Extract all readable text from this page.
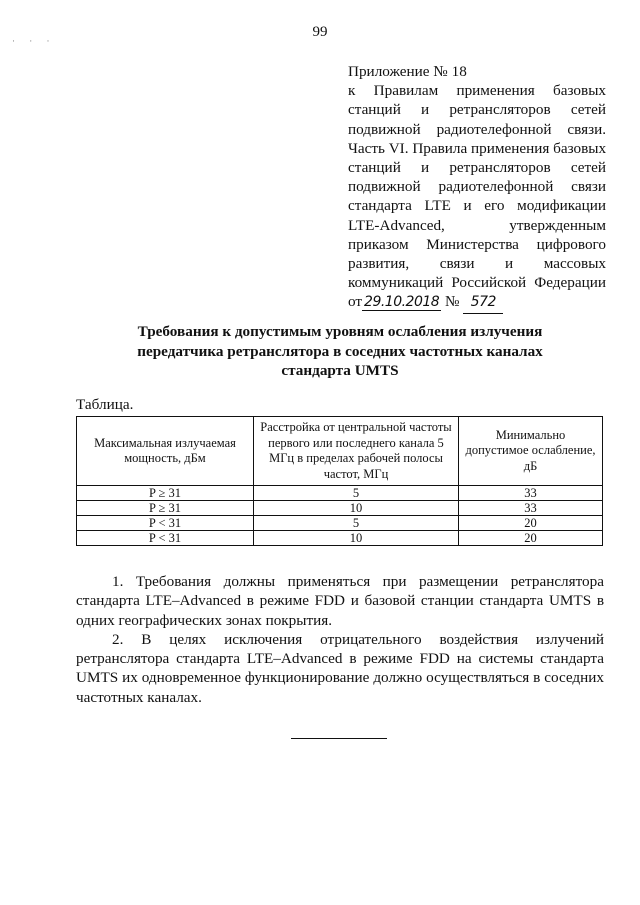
· · ·
99
Приложение № 18
к Правилам применения базовых
станций и ретрансляторов сетей
подвижной радиотелефонной связи.
Часть VI. Правила применения базовых
станций и ретрансляторов сетей
подвижной радиотелефонной связи
стандарта LTE и его модификации
LTE-Advanced, утвержденным
приказом Министерства цифрового
развития, связи и массовых
коммуникаций Российской Федерации
от 29.10.2018 № 572
Требования к допустимым уровням ослабления излучения
передатчика ретранслятора в соседних частотных каналах
стандарта UMTS
Таблица.
Максимальная излучаемая мощность, дБм	Расстройка от центральной частоты первого или последнего канала 5 МГц в пределах рабочей полосы частот, МГц	Минимально допустимое ослабление, дБ
P ≥ 31	5	33
P ≥ 31	10	33
P < 31	5	20
P < 31	10	20

1. Требования должны применяться при размещении ретранслятора стандарта LTE–Advanced в режиме FDD и базовой станции стандарта UMTS в одних географических зонах покрытия.

2. В целях исключения отрицательного воздействия излучений ретранслятора стандарта LTE–Advanced в режиме FDD на системы стандарта UMTS их одновременное функционирование должно осуществляться в соседних частотных каналах.
